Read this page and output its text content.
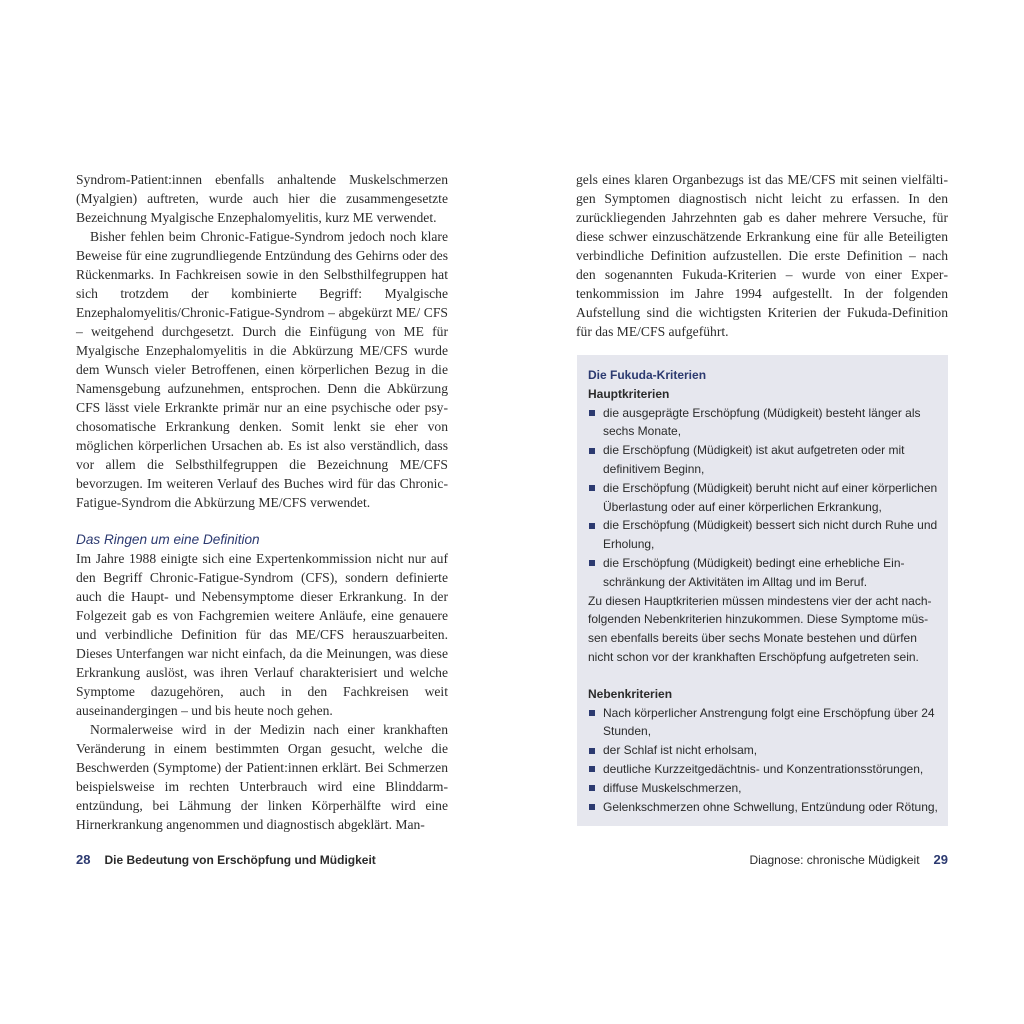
Syndrom-Patient:innen ebenfalls anhaltende Muskelschmerzen (Myalgien) auftreten, wurde auch hier die zusammengesetzte Bezeichnung Myalgische Enzephalomyelitis, kurz ME verwendet.

Bisher fehlen beim Chronic-Fatigue-Syndrom jedoch noch klare Beweise für eine zugrundliegende Entzündung des Gehirns oder des Rückenmarks. In Fachkreisen sowie in den Selbsthilfegruppen hat sich trotzdem der kombinierte Begriff: Myalgische Enzephalomyelitis/Chronic-Fatigue-Syndrom – abgekürzt ME/ CFS – weitgehend durchgesetzt. Durch die Einfügung von ME für Myalgische Enzephalomyelitis in die Abkürzung ME/CFS wurde dem Wunsch vieler Betroffenen, einen körperlichen Bezug in die Namensgebung aufzunehmen, entsprochen. Denn die Abkürzung CFS lässt viele Erkrankte primär nur an eine psychische oder psychosomatische Erkrankung denken. Somit lenkt sie eher von möglichen körperlichen Ursachen ab. Es ist also verständlich, dass vor allem die Selbsthilfegruppen die Bezeichnung ME/CFS bevorzugen. Im weiteren Verlauf des Buches wird für das Chronic-Fatigue-Syndrom die Abkürzung ME/CFS verwendet.

Das Ringen um eine Definition

Im Jahre 1988 einigte sich eine Expertenkommission nicht nur auf den Begriff Chronic-Fatigue-Syndrom (CFS), sondern definierte auch die Haupt- und Nebensymptome dieser Erkrankung. In der Folgezeit gab es von Fachgremien weitere Anläufe, eine genauere und verbindliche Definition für das ME/CFS herauszuarbeiten. Dieses Unterfangen war nicht einfach, da die Meinungen, was diese Erkrankung auslöst, was ihren Verlauf charakterisiert und welche Symptome dazugehören, auch in den Fachkreisen weit auseinandergingen – und bis heute noch gehen.

Normalerweise wird in der Medizin nach einer krankhaften Veränderung in einem bestimmten Organ gesucht, welche die Beschwerden (Symptome) der Patient:innen erklärt. Bei Schmerzen beispielsweise im rechten Unterbrauch wird eine Blinddarmentzündung, bei Lähmung der linken Körperhälfte wird eine Hirnerkrankung angenommen und diagnostisch abgeklärt. Man-

28 Die Bedeutung von Erschöpfung und Müdigkeit

gels eines klaren Organbezugs ist das ME/CFS mit seinen vielfältigen Symptomen diagnostisch nicht leicht zu erfassen. In den zurückliegenden Jahrzehnten gab es daher mehrere Versuche, für diese schwer einzuschätzende Erkrankung eine für alle Beteiligten verbindliche Definition aufzustellen. Die erste Definition – nach den sogenannten Fukuda-Kriterien – wurde von einer Expertenkommission im Jahre 1994 aufgestellt. In der folgenden Aufstellung sind die wichtigsten Kriterien der Fukuda-Definition für das ME/CFS aufgeführt.

Die Fukuda-Kriterien
Hauptkriterien
die ausgeprägte Erschöpfung (Müdigkeit) besteht länger als sechs Monate,
die Erschöpfung (Müdigkeit) ist akut aufgetreten oder mit definitivem Beginn,
die Erschöpfung (Müdigkeit) beruht nicht auf einer körperlichen Überlastung oder auf einer körperlichen Erkrankung,
die Erschöpfung (Müdigkeit) bessert sich nicht durch Ruhe und Erholung,
die Erschöpfung (Müdigkeit) bedingt eine erhebliche Einschränkung der Aktivitäten im Alltag und im Beruf.

Zu diesen Hauptkriterien müssen mindestens vier der acht nachfolgenden Nebenkriterien hinzukommen. Diese Symptome müssen ebenfalls bereits über sechs Monate bestehen und dürfen nicht schon vor der krankhaften Erschöpfung aufgetreten sein.

Nebenkriterien
Nach körperlicher Anstrengung folgt eine Erschöpfung über 24 Stunden,
der Schlaf ist nicht erholsam,
deutliche Kurzzeitgedächtnis- und Konzentrationsstörungen,
diffuse Muskelschmerzen,
Gelenkschmerzen ohne Schwellung, Entzündung oder Rötung,
Diagnose: chronische Müdigkeit 29
